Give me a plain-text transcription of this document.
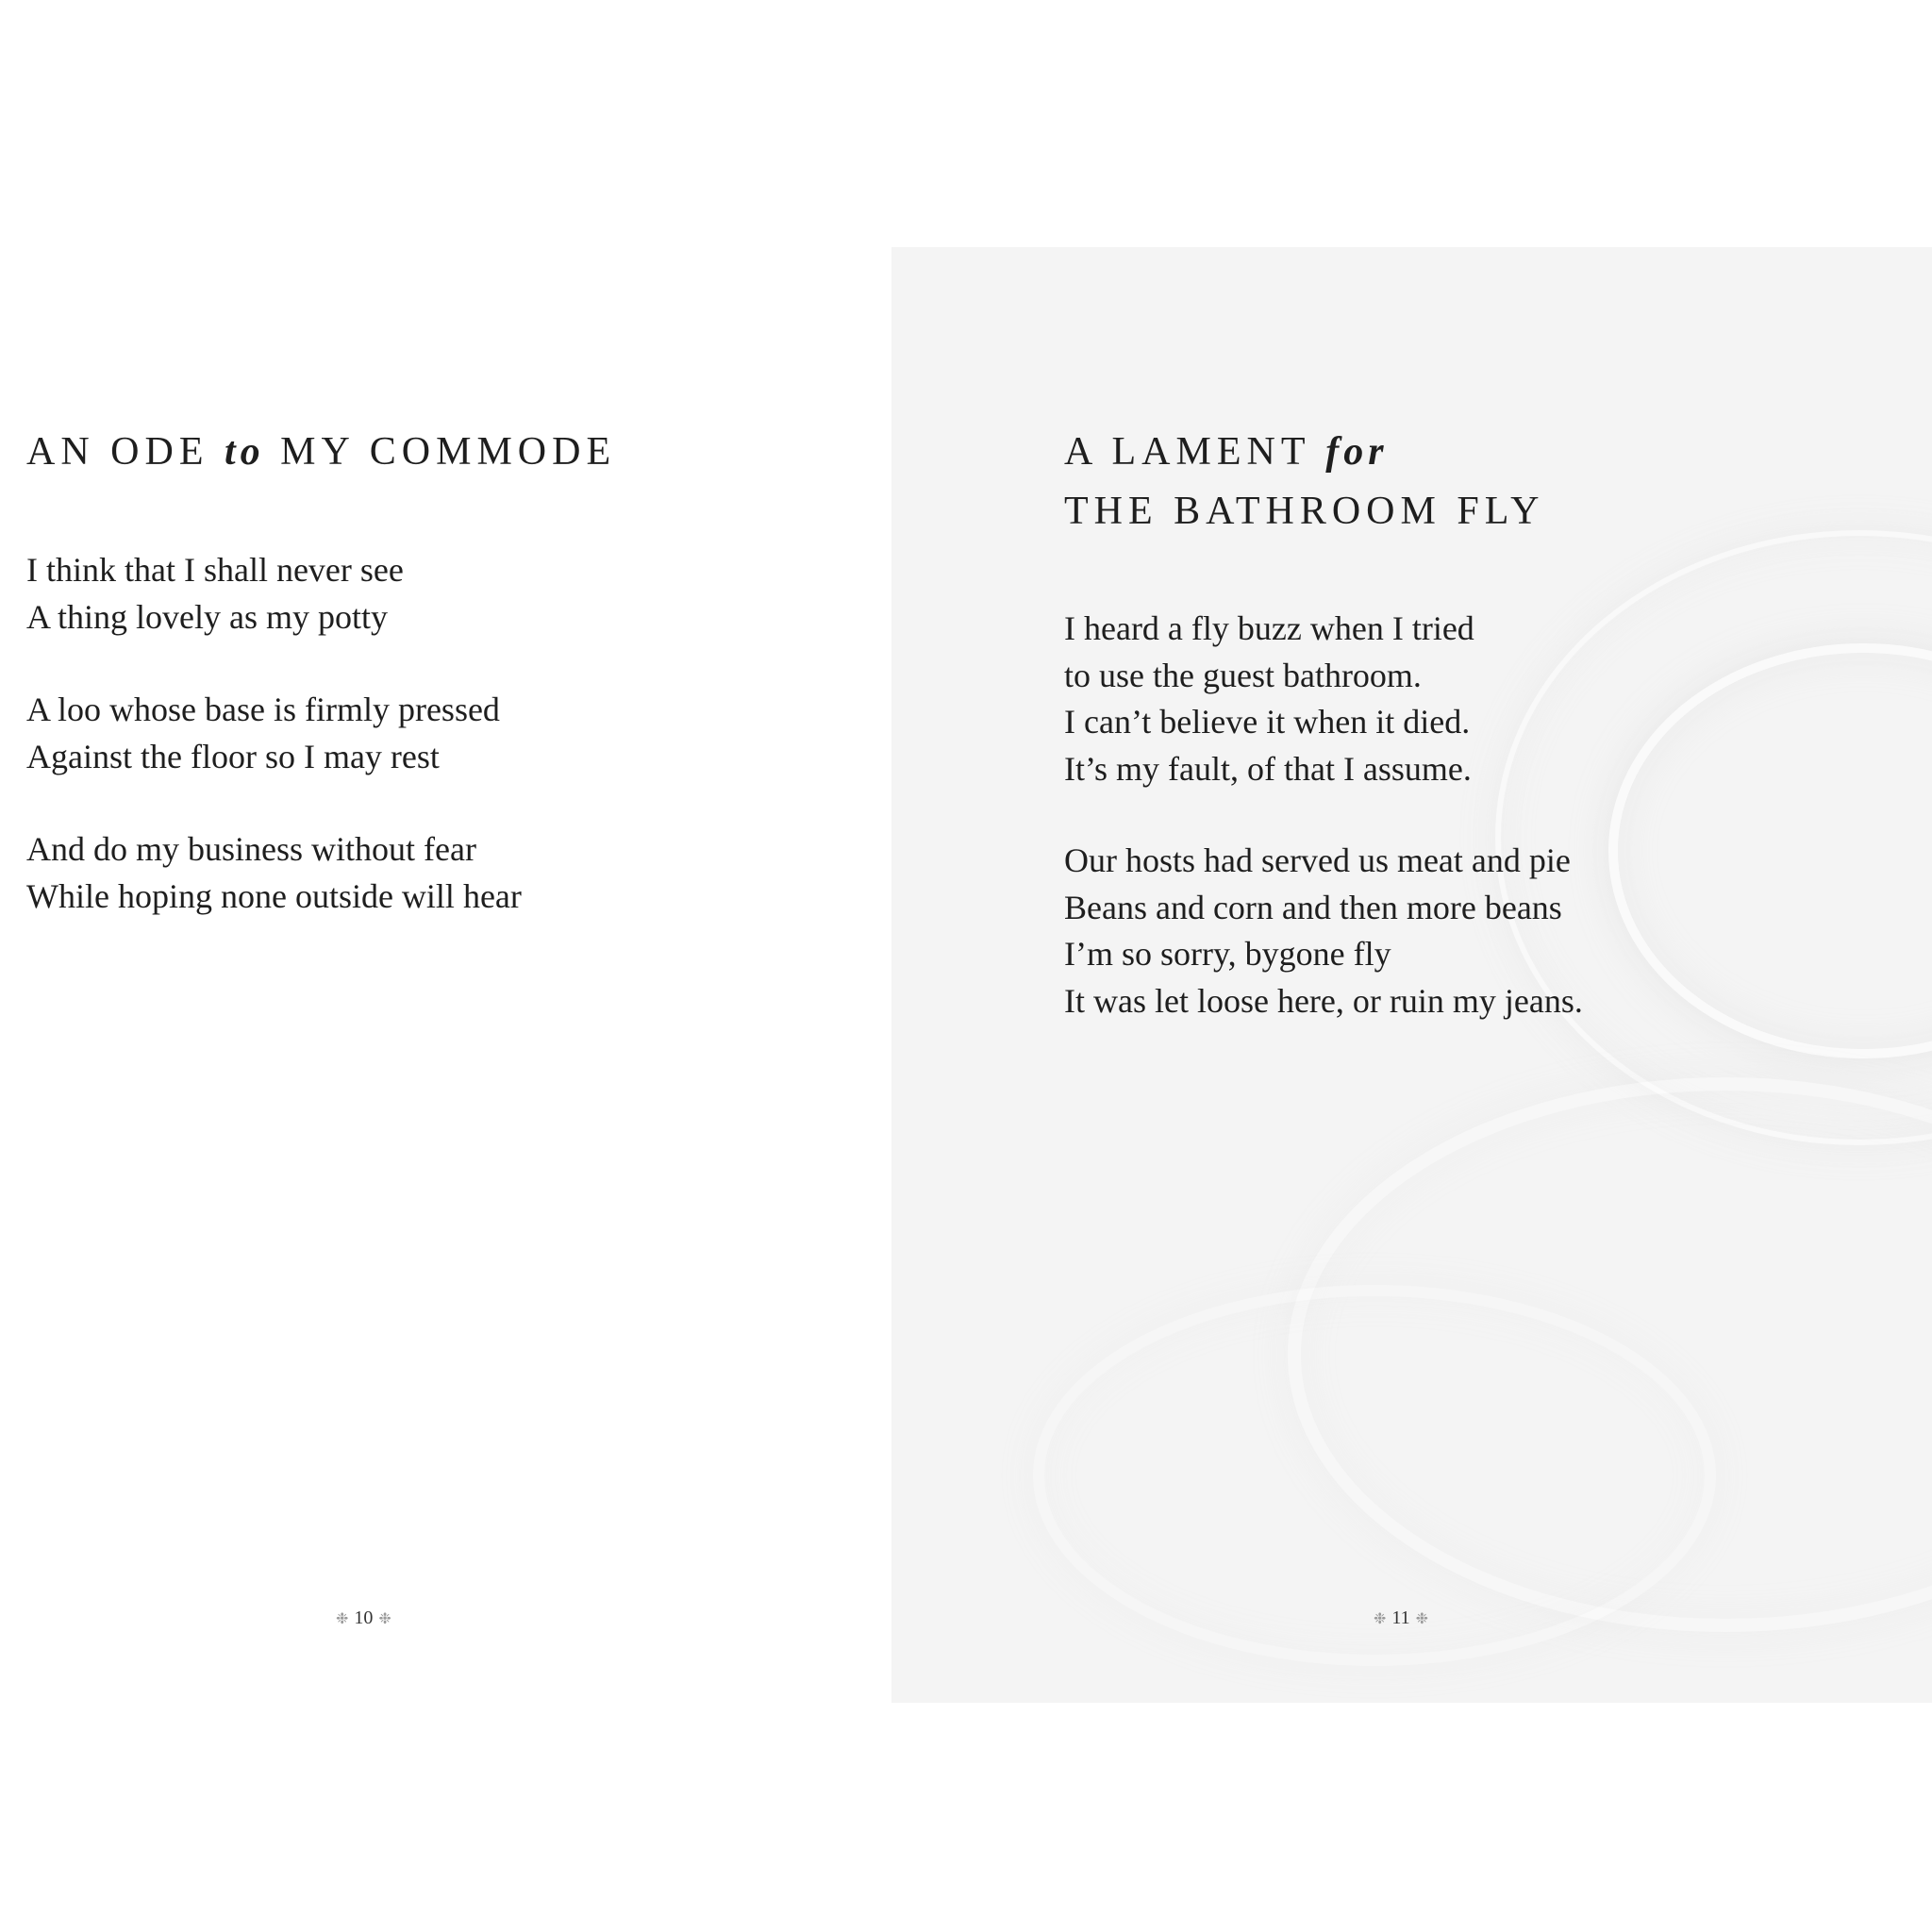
AN ODE to MY COMMODE

I think that I shall never see
A thing lovely as my potty

A loo whose base is firmly pressed
Against the floor so I may rest

And do my business without fear
While hoping none outside will hear

❉ 10 ❉
A LAMENT for
THE BATHROOM FLY

I heard a fly buzz when I tried
to use the guest bathroom.
I can’t believe it when it died.
It’s my fault, of that I assume.

Our hosts had served us meat and pie
Beans and corn and then more beans
I’m so sorry, bygone fly
It was let loose here, or ruin my jeans.

❉ 11 ❉
